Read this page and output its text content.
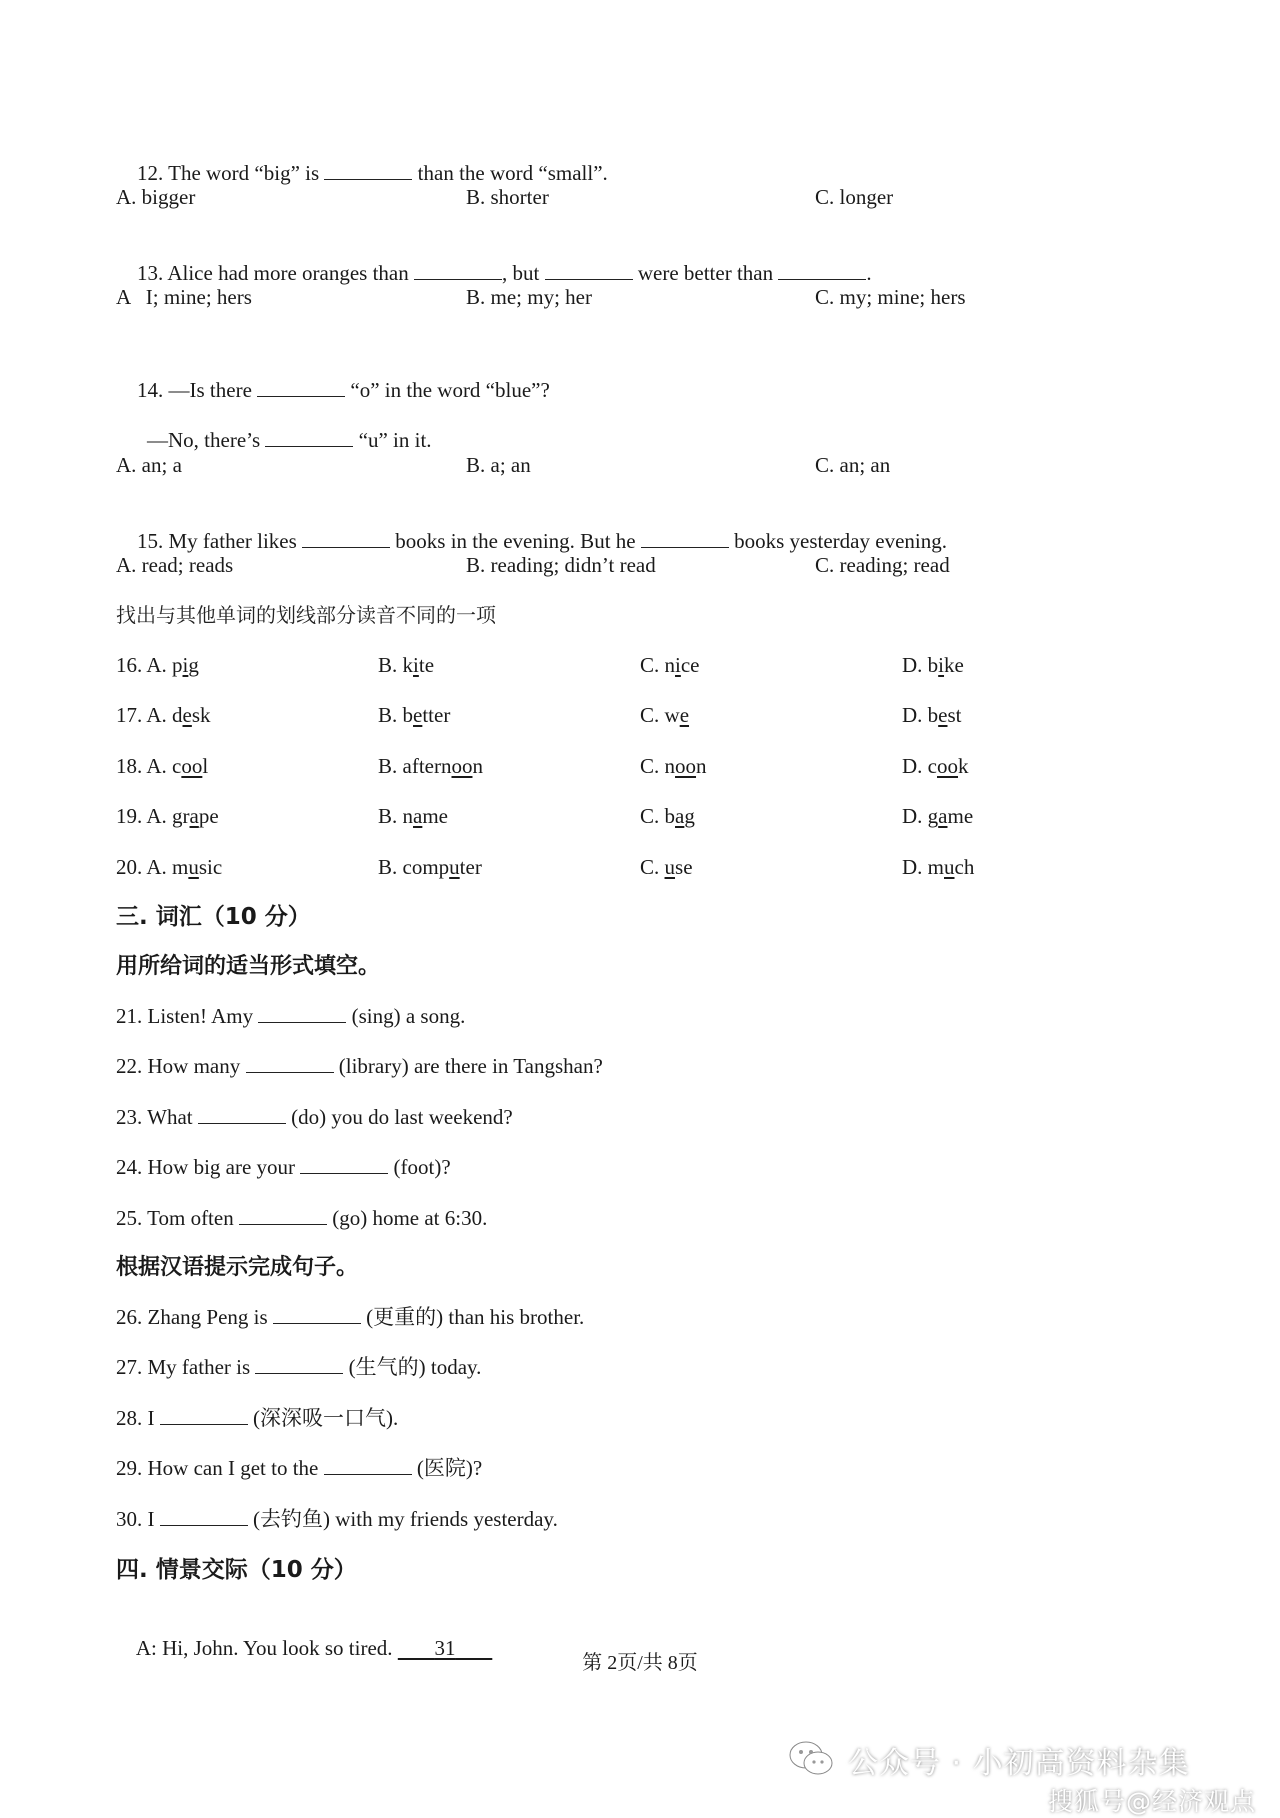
12. The word “big” is	than the word “small”.

A. bigger	B. shorter	C. longer

13. Alice had more oranges than	, but	were better than	.

A   I; mine; hers	B. me; my; her	C. my; mine; hers

14. —Is there	“o” in the word “blue”?

—No, there’s	“u” in it.

A. an; a	B. a; an	C. an; an

15. My father likes	books in the evening. But he	books yesterday evening.

A. read; reads	B. reading; didn’t read	C. reading; read
找出与其他单词的划线部分读音不同的一项
16. A. pig	B. kite	C. nice	D. bike
17. A. desk	B. better	C. we	D. best
18. A. cool	B. afternoon	C. noon	D. cook
19. A. grape	B. name	C. bag	D. game
20. A. music	B. computer	C. use	D. much
三. 词汇（10 分）
用所给词的适当形式填空。
21. Listen! Amy	(sing) a song.
22. How many	(library) are there in Tangshan?
23. What	(do) you do last weekend?
24. How big are your	(foot)?
25. Tom often	(go) home at 6:30.
根据汉语提示完成句子。
26. Zhang Peng is	(更重的) than his brother.
27. My father is	(生气的) today.
28. I	(深深吸一口气).
29. How can I get to the	(医院)?
30. I	(去钓鱼) with my friends yesterday.
四. 情景交际（10 分）

A: Hi, John. You look so tired.        31

第 2页/共 8页
公众号 · 小初高资料杂集
搜狐号@经济观点
